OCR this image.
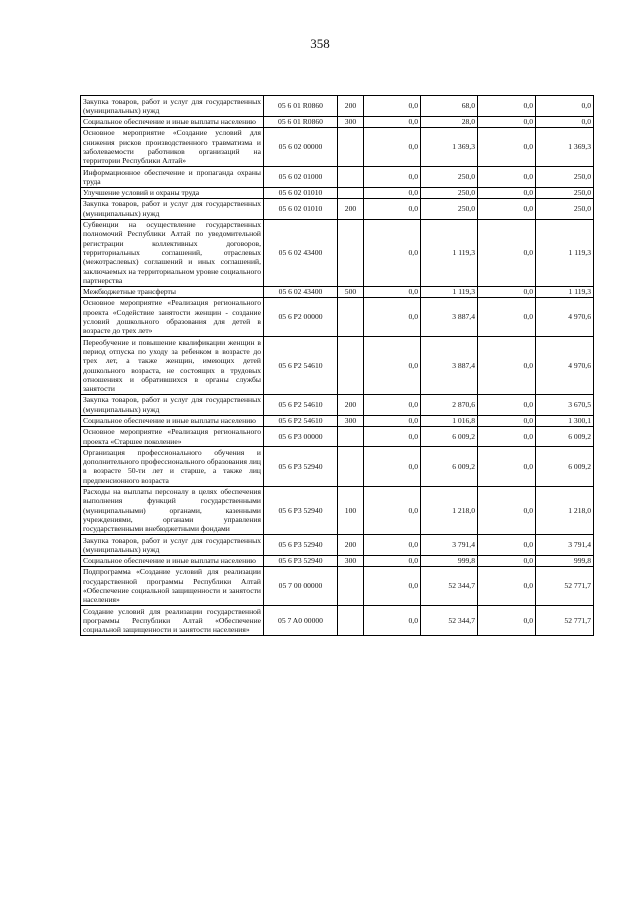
358
Закупка товаров, работ и услуг для государственных (муниципальных) нужд	05 6 01 R0860	200	0,0	68,0	0,0	0,0
Социальное обеспечение и иные выплаты населению	05 6 01 R0860	300	0,0	28,0	0,0	0,0
Основное мероприятие «Создание условий для снижения рисков производственного травматизма и заболеваемости работников организаций на территории Республики Алтай»	05 6 02 00000		0,0	1 369,3	0,0	1 369,3
Информационное обеспечение и пропаганда охраны труда	05 6 02 01000		0,0	250,0	0,0	250,0
Улучшение условий и охраны труда	05 6 02 01010		0,0	250,0	0,0	250,0
Закупка товаров, работ и услуг для государственных (муниципальных) нужд	05 6 02 01010	200	0,0	250,0	0,0	250,0
Субвенции на осуществление государственных полномочий Республики Алтай по уведомительной регистрации коллективных договоров, территориальных соглашений, отраслевых (межотраслевых) соглашений и иных соглашений, заключаемых на территориальном уровне социального партнерства	05 6 02 43400		0,0	1 119,3	0,0	1 119,3
Межбюджетные трансферты	05 6 02 43400	500	0,0	1 119,3	0,0	1 119,3
Основное мероприятие «Реализация регионального проекта «Содействие занятости женщин - создание условий дошкольного образования для детей в возрасте до трех лет»	05 6 P2 00000		0,0	3 887,4	0,0	4 970,6
Переобучение и повышение квалификации женщин в период отпуска по уходу за ребенком в возрасте до трех лет, а также женщин, имеющих детей дошкольного возраста, не состоящих в трудовых отношениях и обратившихся в органы службы занятости	05 6 P2 54610		0,0	3 887,4	0,0	4 970,6
Закупка товаров, работ и услуг для государственных (муниципальных) нужд	05 6 P2 54610	200	0,0	2 870,6	0,0	3 670,5
Социальное обеспечение и иные выплаты населению	05 6 P2 54610	300	0,0	1 016,8	0,0	1 300,1
Основное мероприятие «Реализация регионального проекта «Старшее поколение»	05 6 P3 00000		0,0	6 009,2	0,0	6 009,2
Организация профессионального обучения и дополнительного профессионального образования лиц в возрасте 50-ти лет и старше, а также лиц предпенсионного возраста	05 6 P3 52940		0,0	6 009,2	0,0	6 009,2
Расходы на выплаты персоналу в целях обеспечения выполнения функций государственными (муниципальными) органами, казенными учреждениями, органами управления государственными внебюджетными фондами	05 6 P3 52940	100	0,0	1 218,0	0,0	1 218,0
Закупка товаров, работ и услуг для государственных (муниципальных) нужд	05 6 P3 52940	200	0,0	3 791,4	0,0	3 791,4
Социальное обеспечение и иные выплаты населению	05 6 P3 52940	300	0,0	999,8	0,0	999,8
Подпрограмма «Создание условий для реализации государственной программы Республики Алтай «Обеспечение социальной защищенности и занятости населения»	05 7 00 00000		0,0	52 344,7	0,0	52 771,7
Создание условий для реализации государственной программы Республики Алтай «Обеспечение социальной защищенности и занятости населения»	05 7 A0 00000		0,0	52 344,7	0,0	52 771,7
